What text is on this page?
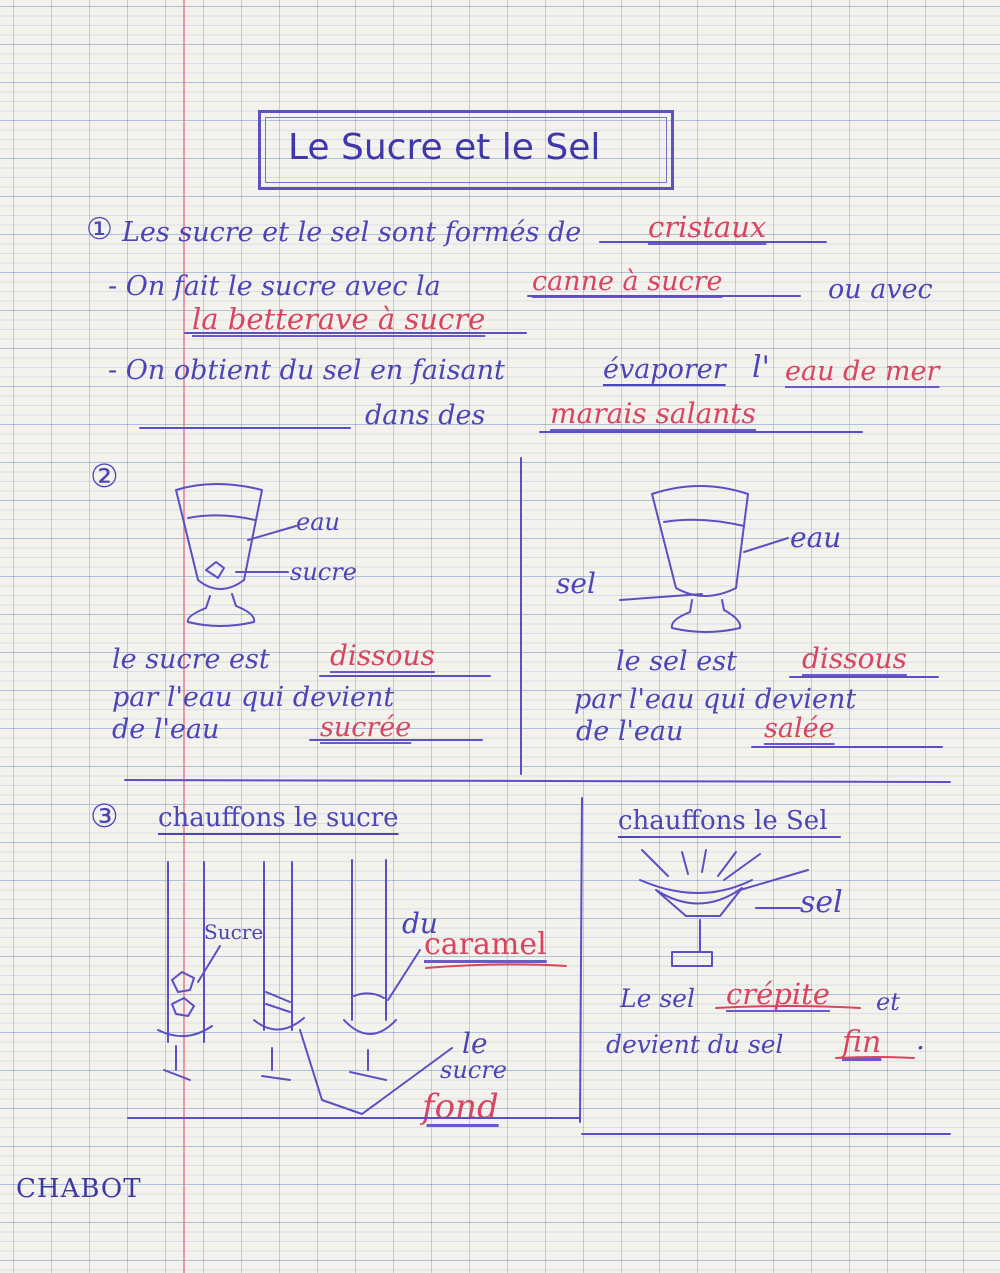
Le Sucre et le Sel
① Les sucre et le sel sont formés de cristaux
- On fait le sucre avec la	canne à sucre	ou avec
la betterave à sucre
- On obtient du sel en faisant	évaporer l' eau de mer
dans des marais salants
②
eau
sucre
le sucre est dissous
par l'eau qui devient
de l'eau	sucrée
sel
eau
le sel est dissous
par l'eau qui devient
de l'eau	salée
③ chauffons le sucre
Sucre	du
caramel
le
sucre
fond
chauffons le Sel
sel
Le sel crépite et
devient du sel fin .
CHABOT
